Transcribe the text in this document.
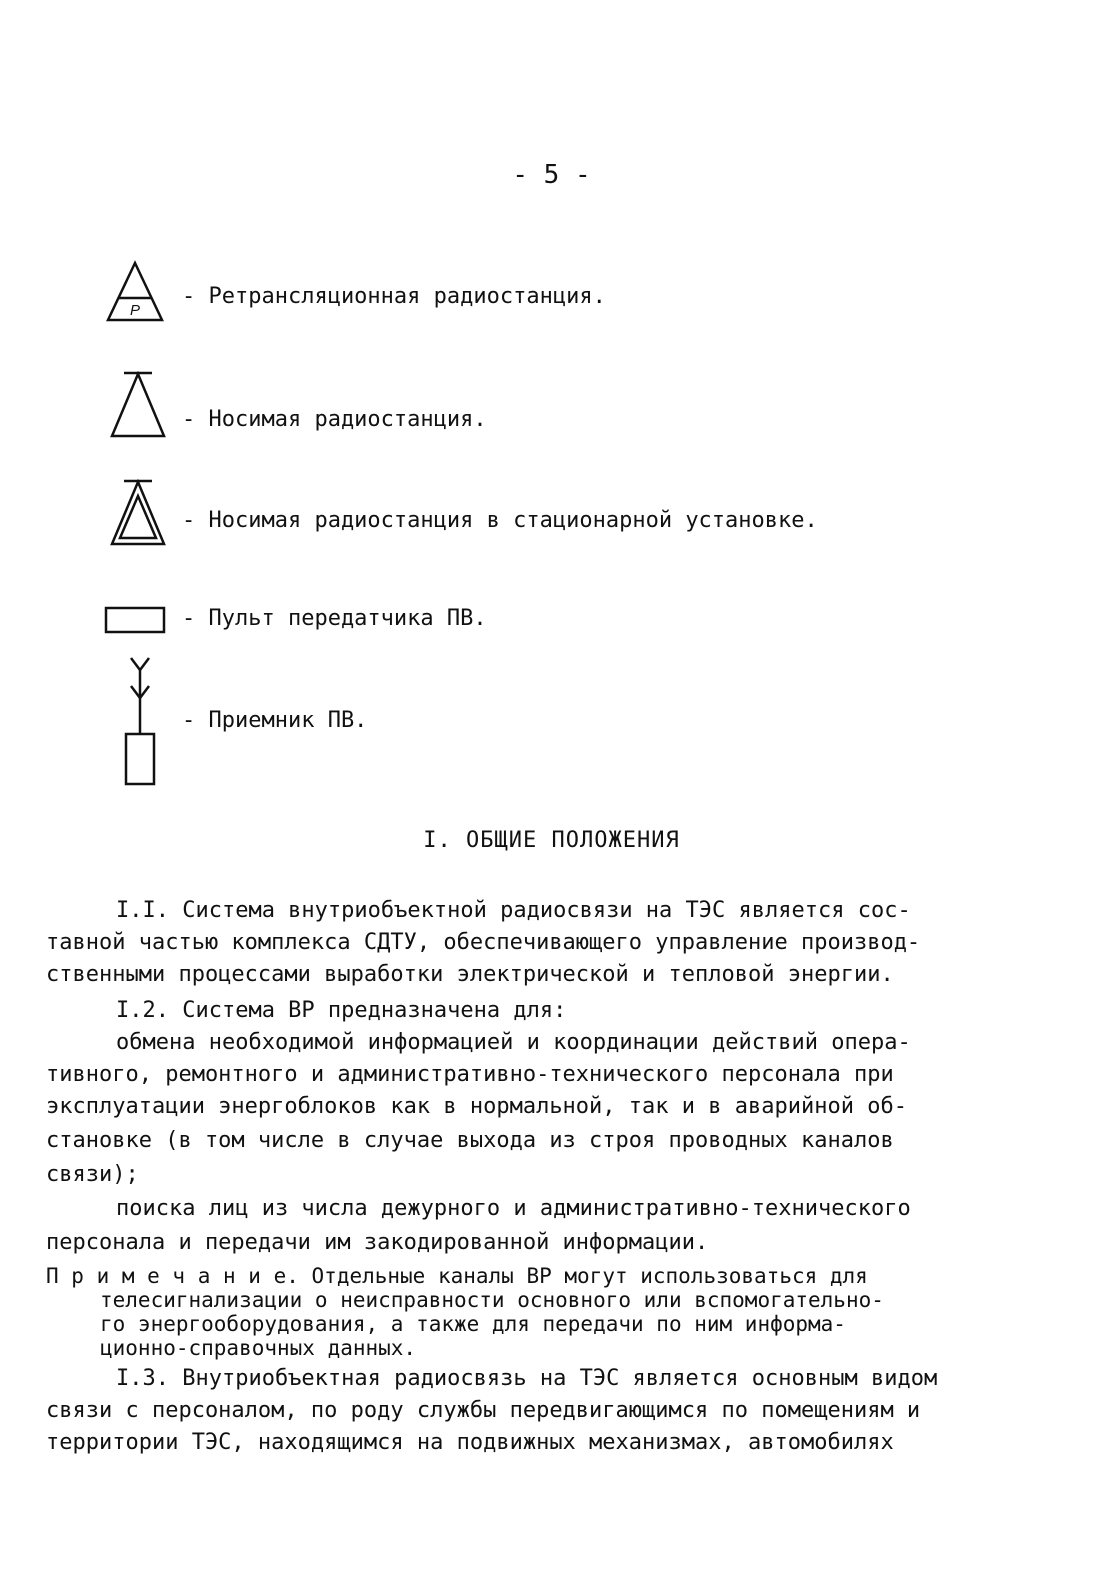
- 5 -
P
- Ретрансляционная радиостанция.
- Носимая радиостанция.
- Носимая радиостанция в стационарной установке.
- Пульт передатчика ПВ.
- Приемник ПВ.
I. ОБЩИЕ ПОЛОЖЕНИЯ
I.I. Система внутриобъектной радиосвязи на ТЭС является сос-
тавной частью комплекса СДТУ, обеспечивающего управление производ-
ственными процессами выработки электрической и тепловой энергии.
I.2. Система ВР предназначена для:
обмена необходимой информацией и координации действий опера-
тивного, ремонтного и административно-технического персонала при
эксплуатации энергоблоков как в нормальной, так и в аварийной об-
становке (в том числе в случае выхода из строя проводных каналов
связи);
поиска лиц из числа дежурного и административно-технического
персонала и передачи им закодированной информации.
П р и м е ч а н и е. Отдельные каналы ВР могут использоваться для
телесигнализации о неисправности основного или вспомогательно-
го энергооборудования, а также для передачи по ним информа-
ционно-справочных данных.
I.3. Внутриобъектная радиосвязь на ТЭС является основным видом
связи с персоналом, по роду службы передвигающимся по помещениям и
территории ТЭС, находящимся на подвижных механизмах, автомобилях
